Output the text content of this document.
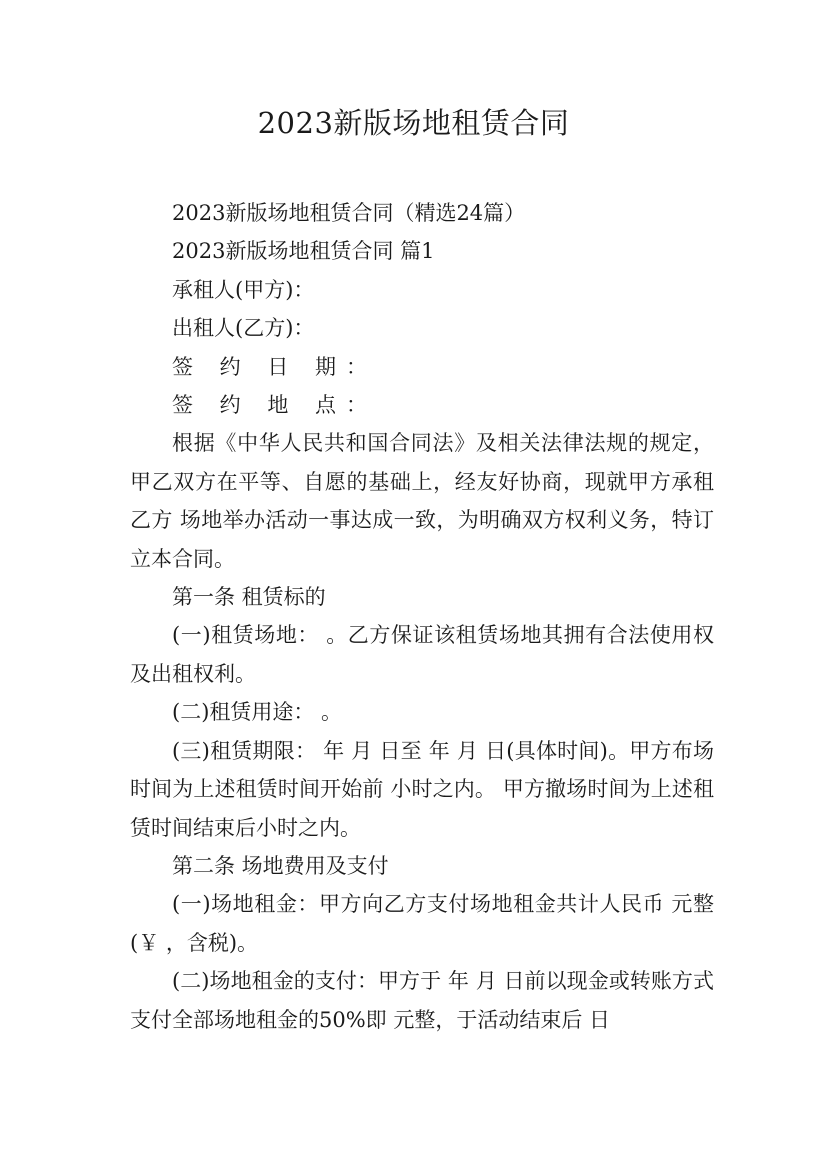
2023新版场地租赁合同

2023新版场地租赁合同（精选24篇）

2023新版场地租赁合同 篇1

承租人(甲方)：

出租人(乙方)：

签 约 日 期：

签 约 地 点：

根据《中华人民共和国合同法》及相关法律法规的规定，甲乙双方在平等、自愿的基础上，经友好协商，现就甲方承租乙方 场地举办活动一事达成一致，为明确双方权利义务，特订立本合同。

第一条 租赁标的

(一)租赁场地： 。乙方保证该租赁场地其拥有合法使用权及出租权利。

(二)租赁用途： 。

(三)租赁期限： 年 月 日至 年 月 日(具体时间)。甲方布场时间为上述租赁时间开始前 小时之内。 甲方撤场时间为上述租赁时间结束后小时之内。

第二条 场地费用及支付

(一)场地租金：甲方向乙方支付场地租金共计人民币 元整(￥ ，含税)。

(二)场地租金的支付：甲方于 年 月 日前以现金或转账方式支付全部场地租金的50%即 元整，于活动结束后 日
